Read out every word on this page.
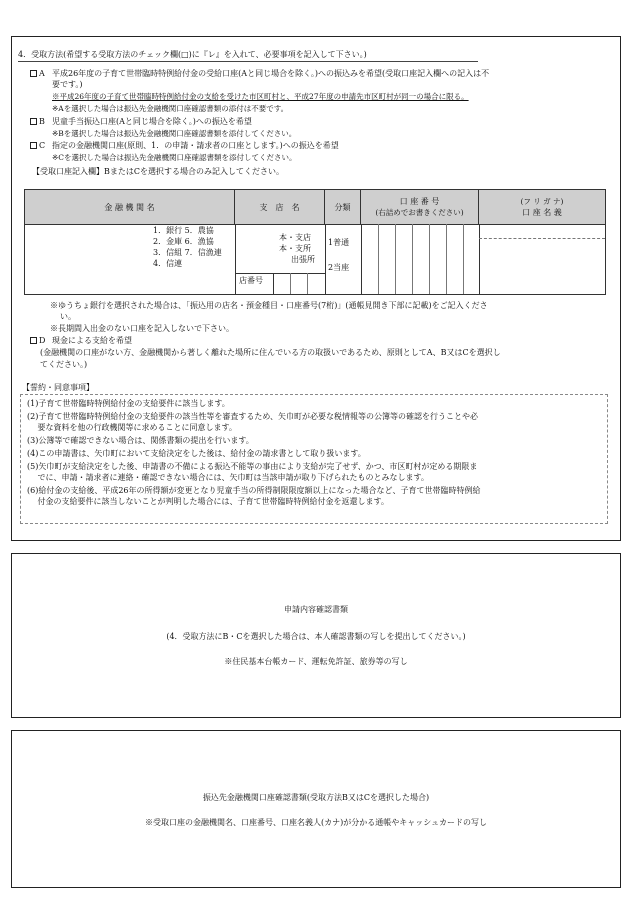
4．受取方法(希望する受取方法のチェック欄(□)に『レ』を入れて、必要事項を記入して下さい。)
A 平成26年度の子育て世帯臨時特例給付金の受給口座(Aと同じ場合を除く。)への振込みを希望(受取口座記入欄への記入は不
要です。)
※平成26年度の子育て世帯臨時特例給付金の支給を受けた市区町村と、平成27年度の申請先市区町村が同一の場合に限る。
※Aを選択した場合は振込先金融機関口座確認書類の添付は不要です。
B 児童手当振込口座(Aと同じ場合を除く。)への振込を希望
※Bを選択した場合は振込先金融機関口座確認書類を添付してください。
C 指定の金融機関口座(原則、1．の申請・請求者の口座とします。)への振込を希望
※Cを選択した場合は振込先金融機関口座確認書類を添付してください。
【受取口座記入欄】BまたはCを選択する場合のみ記入してください。
金 融 機 関 名	支　店　名	分類
口 座 番 号
(右詰めでお書きください)
(フ リ ガ ナ)
口 座 名 義
1．銀行 5．農協
2．金庫 6．漁協
3．信組 7．信漁連
4．信連
本・支店
本・支所
出張所
店番号
1普通
2当座
※ゆうちょ銀行を選択された場合は、「振込用の店名・預金種目・口座番号(7桁)」(通帳見開き下部に記載)をご記入くださ
い。
※長期間入出金のない口座を記入しないで下さい。
D 現金による支給を希望
(金融機関の口座がない方、金融機関から著しく離れた場所に住んでいる方の取扱いであるため、原則としてA、B又はCを選択し
てください。)
【誓約・同意事項】
(1)子育て世帯臨時特例給付金の支給要件に該当します。
(2)子育て世帯臨時特例給付金の支給要件の該当性等を審査するため、矢巾町が必要な税情報等の公簿等の確認を行うことや必
　 要な資料を他の行政機関等に求めることに同意します。
(3)公簿等で確認できない場合は、関係書類の提出を行います。
(4)この申請書は、矢巾町において支給決定をした後は、給付金の請求書として取り扱います。
(5)矢巾町が支給決定をした後、申請書の不備による振込不能等の事由により支給が完了せず、かつ、市区町村が定める期限ま
　 でに、申請・請求者に連絡・確認できない場合には、矢巾町は当該申請が取り下げられたものとみなします。
(6)給付金の支給後、平成26年の所得額が変更となり児童手当の所得制限限度額以上になった場合など、子育て世帯臨時特例給
　 付金の支給要件に該当しないことが判明した場合には、子育て世帯臨時特例給付金を返還します。
申請内容確認書類
(4．受取方法にB・Cを選択した場合は、本人確認書類の写しを提出してください。)
※住民基本台帳カード、運転免許証、旅券等の写し
振込先金融機関口座確認書類(受取方法B又はCを選択した場合)
※受取口座の金融機関名、口座番号、口座名義人(カナ)が分かる通帳やキャッシュカードの写し
